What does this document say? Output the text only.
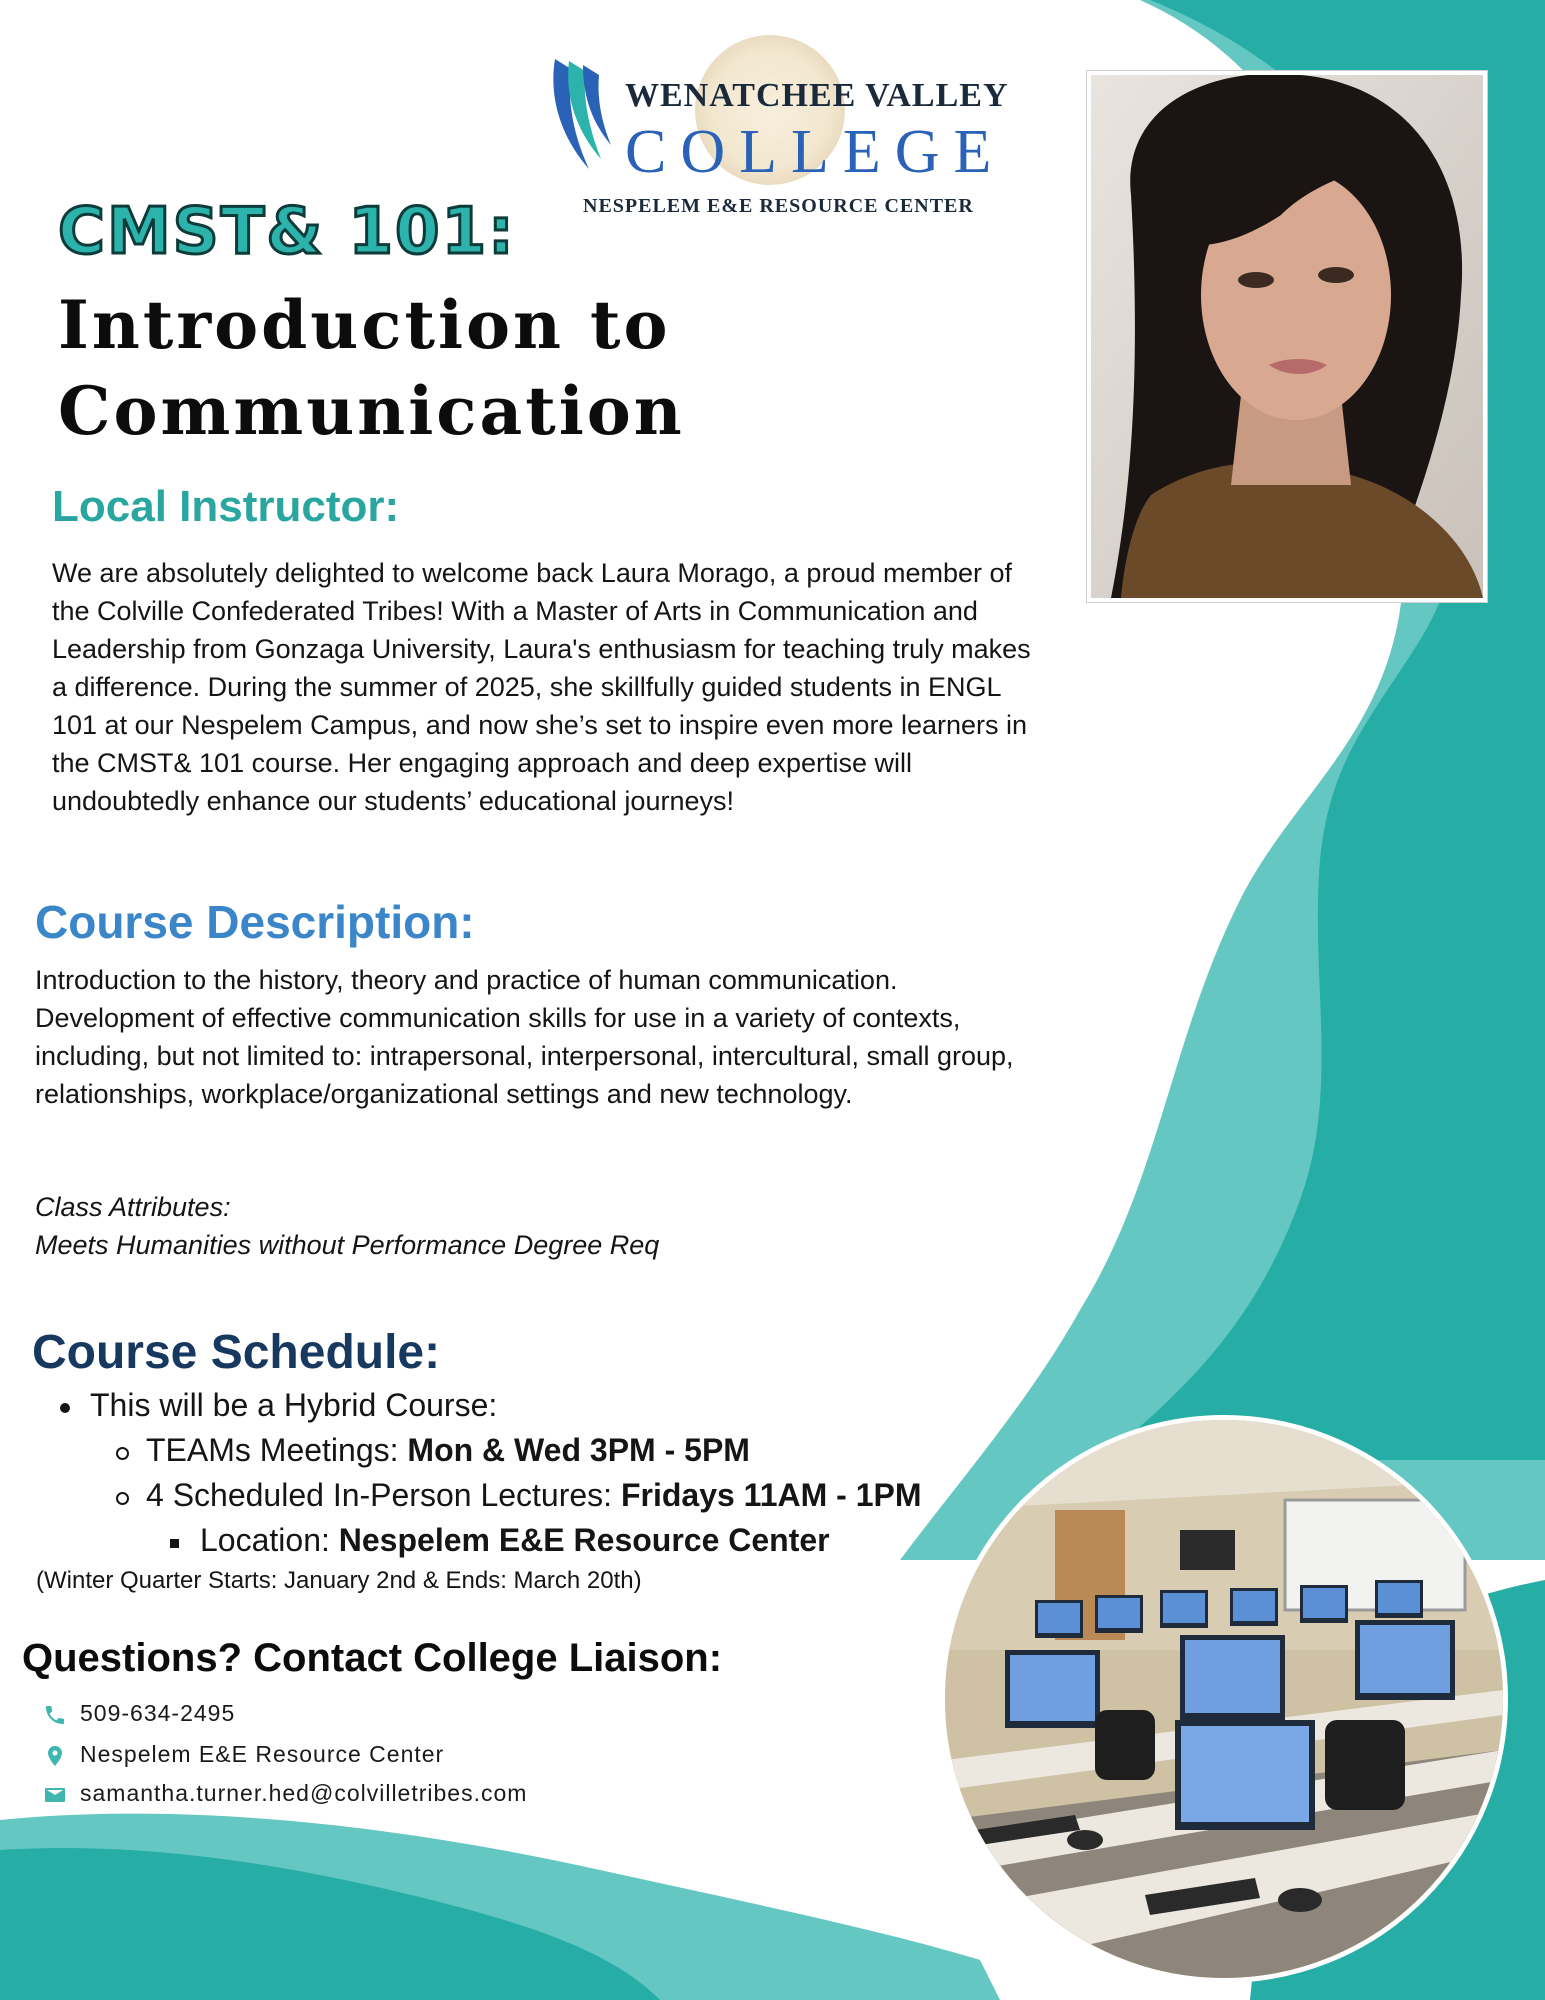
WENATCHEE VALLEY
COLLEGE
NESPELEM E&E RESOURCE CENTER
CMST& 101:
Introduction to
Communication
Local Instructor:
We are absolutely delighted to welcome back Laura Morago, a proud member of the Colville Confederated Tribes! With a Master of Arts in Communication and Leadership from Gonzaga University, Laura's enthusiasm for teaching truly makes a difference. During the summer of 2025, she skillfully guided students in ENGL 101 at our Nespelem Campus, and now she’s set to inspire even more learners in the CMST& 101 course. Her engaging approach and deep expertise will undoubtedly enhance our students’ educational journeys!
Course Description:
Introduction to the history, theory and practice of human communication. Development of effective communication skills for use in a variety of contexts, including, but not limited to: intrapersonal, interpersonal, intercultural, small group, relationships, workplace/organizational settings and new technology.
Class Attributes:
Meets Humanities without Performance Degree Req
Course Schedule:
This will be a Hybrid Course:
TEAMs Meetings: Mon & Wed 3PM - 5PM
4 Scheduled In-Person Lectures: Fridays 11AM - 1PM
Location: Nespelem E&E Resource Center
(Winter Quarter Starts: January 2nd & Ends: March 20th)
Questions? Contact College Liaison:
509-634-2495
Nespelem E&E Resource Center
samantha.turner.hed@colvilletribes.com
